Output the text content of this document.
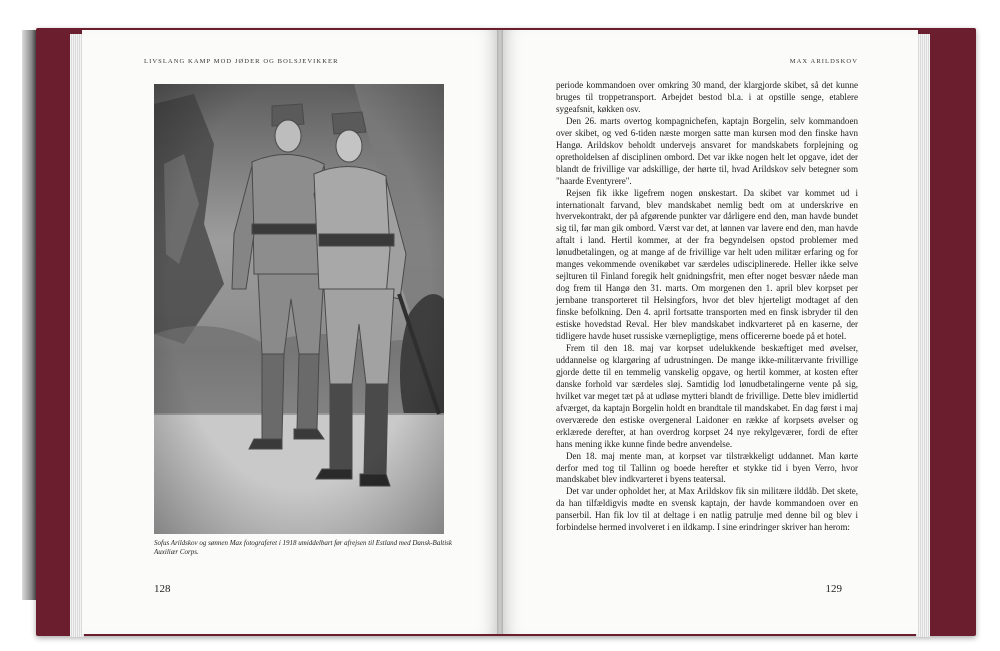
LIVSLANG KAMP MOD JØDER OG BOLSJEVIKKER
Sofus Arildskov og sønnen Max fotograferet i 1918 umiddelbart før afrejsen til Estland med Dansk-Baltisk Auxiliær Corps.
128
MAX ARILDSKOV

periode kommandoen over omkring 30 mand, der klargjorde skibet, så det kunne bruges til troppetransport. Arbejdet bestod bl.a. i at opstille senge, etablere sygeafsnit, køkken osv.

Den 26. marts overtog kompagnichefen, kaptajn Borgelin, selv kommandoen over skibet, og ved 6-tiden næste morgen satte man kursen mod den finske havn Hangø. Arildskov beholdt undervejs ansvaret for mandskabets forplejning og opretholdelsen af disciplinen ombord. Det var ikke nogen helt let opgave, idet der blandt de frivillige var adskillige, der hørte til, hvad Arildskov selv betegner som "haarde Eventyrere".

Rejsen fik ikke ligefrem nogen ønskestart. Da skibet var kommet ud i internationalt farvand, blev mandskabet nemlig bedt om at underskrive en hvervekontrakt, der på afgørende punkter var dårligere end den, man havde bundet sig til, før man gik ombord. Værst var det, at lønnen var lavere end den, man havde aftalt i land. Hertil kommer, at der fra begyndelsen opstod problemer med lønudbetalingen, og at mange af de frivillige var helt uden militær erfaring og for manges vekommende ovenikøbet var særdeles udisciplinerede. Heller ikke selve sejlturen til Finland foregik helt gnidningsfrit, men efter noget besvær nåede man dog frem til Hangø den 31. marts. Om morgenen den 1. april blev korpset per jernbane transporteret til Helsingfors, hvor det blev hjerteligt modtaget af den finske befolkning. Den 4. april fortsatte transporten med en finsk isbryder til den estiske hovedstad Reval. Her blev mandskabet indkvarteret på en kaserne, der tidligere havde huset russiske værnepligtige, mens officererne boede på et hotel.

Frem til den 18. maj var korpset udelukkende beskæftiget med øvelser, uddannelse og klargøring af udrustningen. De mange ikke-militærvante frivillige gjorde dette til en temmelig vanskelig opgave, og hertil kommer, at kosten efter danske forhold var særdeles sløj. Samtidig lod lønudbetalingerne vente på sig, hvilket var meget tæt på at udløse mytteri blandt de frivillige. Dette blev imidlertid afværget, da kaptajn Borgelin holdt en brandtale til mandskabet. En dag først i maj overværede den estiske overgeneral Laidoner en række af korpsets øvelser og erklærede derefter, at han overdrog korpset 24 nye rekylgeværer, fordi de efter hans mening ikke kunne finde bedre anvendelse.

Den 18. maj mente man, at korpset var tilstrækkeligt uddannet. Man kørte derfor med tog til Tallinn og boede herefter et stykke tid i byen Verro, hvor mandskabet blev indkvarteret i byens teatersal.

Det var under opholdet her, at Max Arildskov fik sin militære ilddåb. Det skete, da han tilfældigvis mødte en svensk kaptajn, der havde kommandoen over en panserbil. Han fik lov til at deltage i en natlig patrulje med denne bil og blev i forbindelse hermed involveret i en ildkamp. I sine erindringer skriver han herom:

129
